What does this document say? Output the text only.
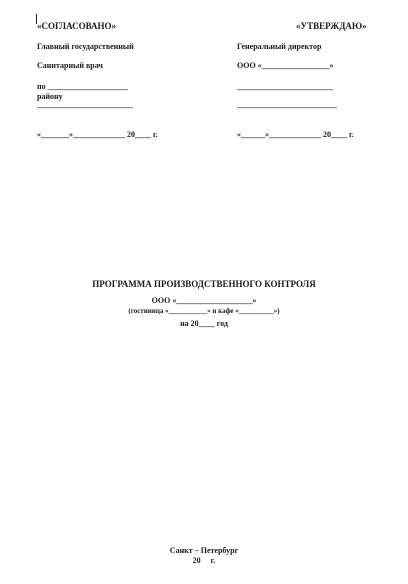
«СОГЛАСОВАНО»
Главный государственный
Санитарный врач
по ____________________
району
________________________
«_______»_____________ 20____ г.
«УТВЕРЖДАЮ»
Генеральный директор
ООО «_________________»
________________________
_________________________
«______»_____________ 20____ г.
ПРОГРАММА ПРОИЗВОДСТВЕННОГО КОНТРОЛЯ
ООО «___________________»
(гостиница «___________» и кафе «__________»)
на 20____ год
Санкт – Петербург
20     г.
